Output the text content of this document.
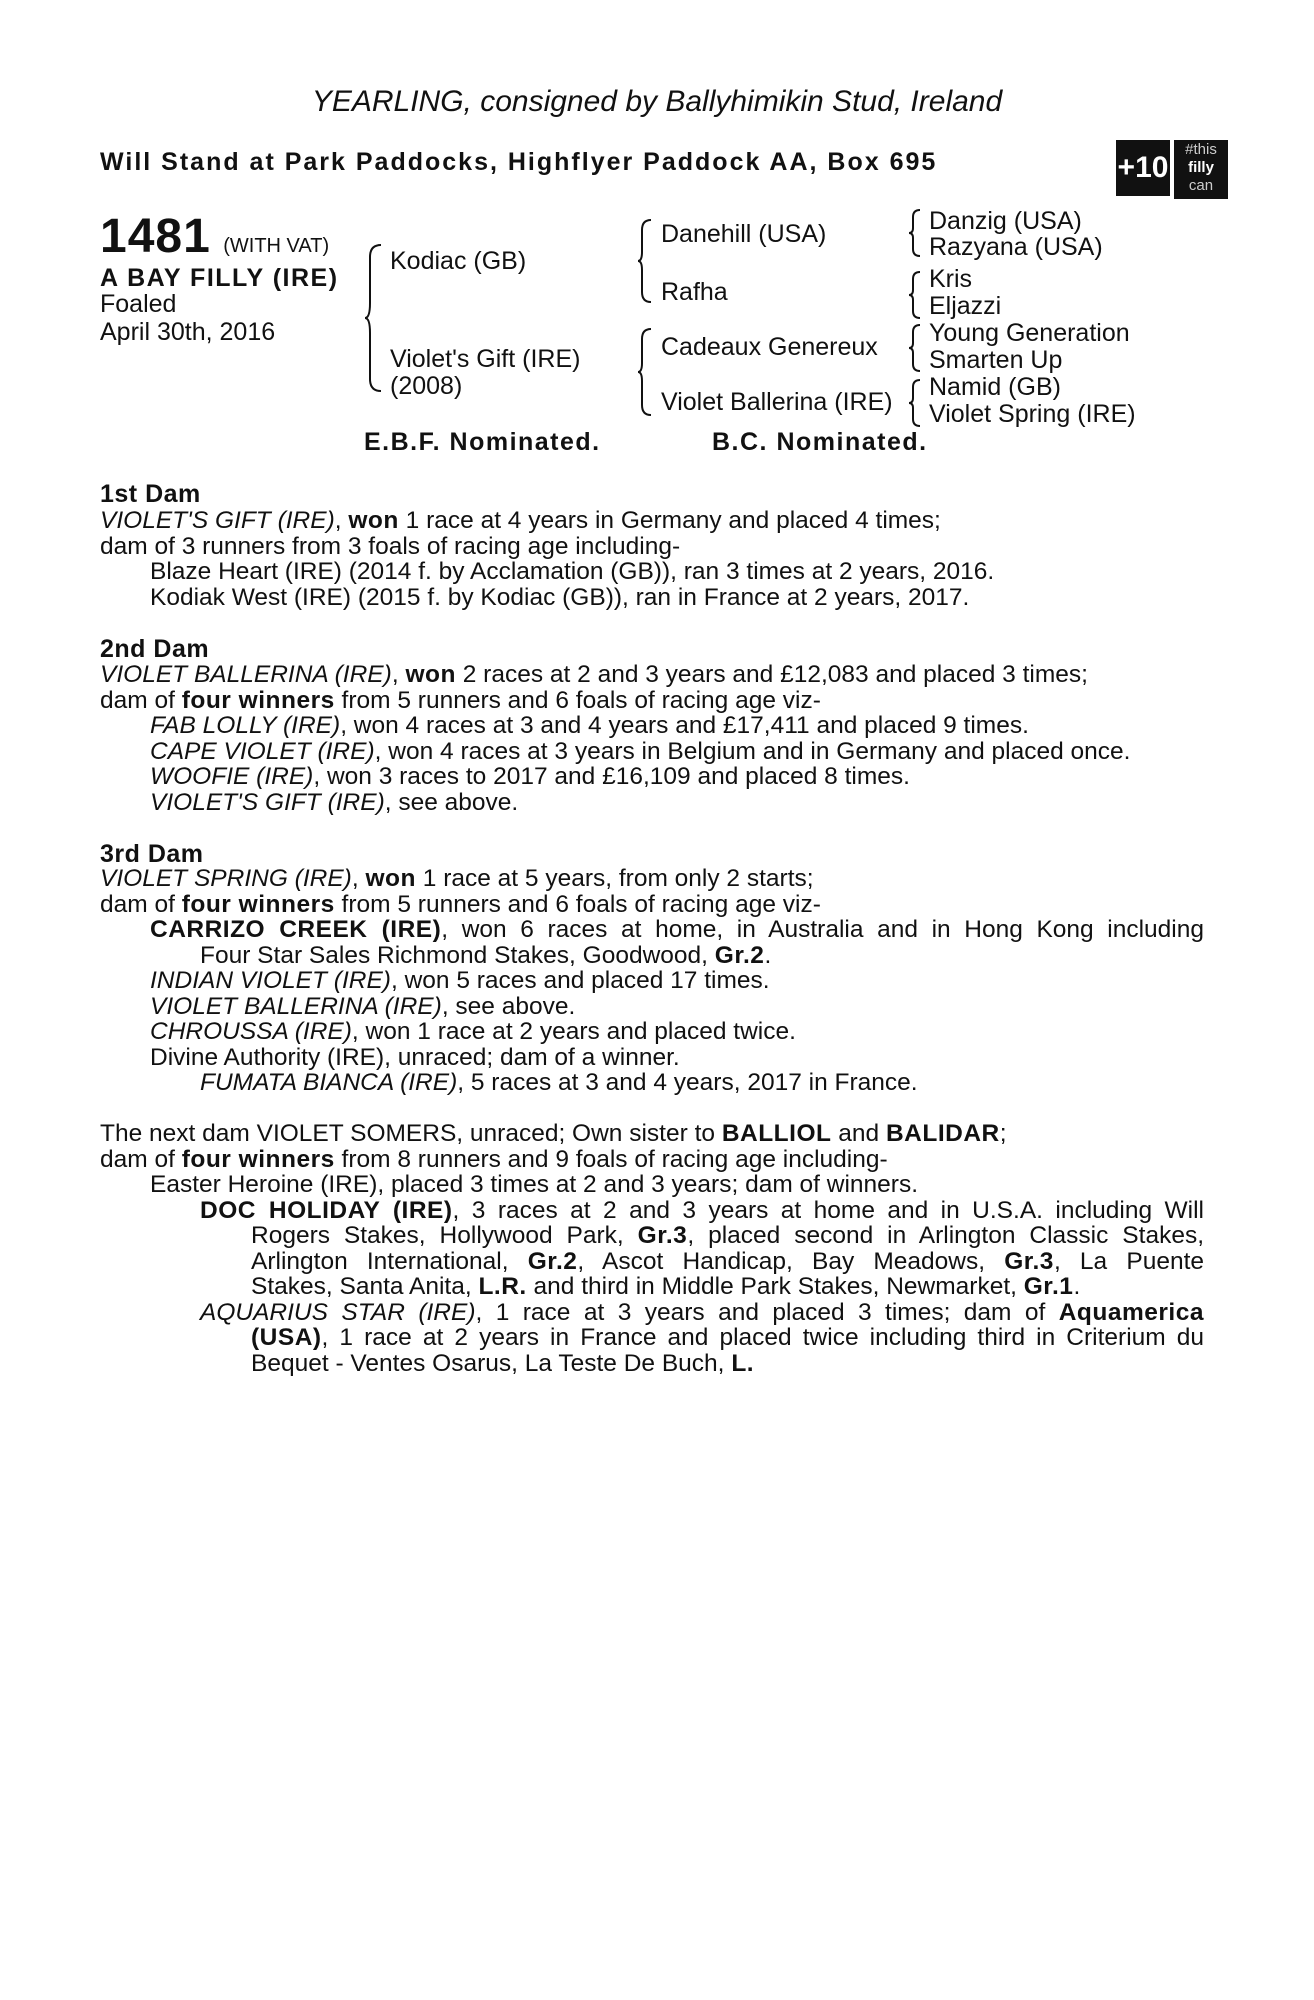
YEARLING, consigned by Ballyhimikin Stud, Ireland
Will Stand at Park Paddocks, Highflyer Paddock AA, Box 695	+10
#this
filly
can
1481 (WITH VAT)
A BAY FILLY (IRE)
Foaled
April 30th, 2016
Kodiac (GB)
Violet's Gift (IRE)
(2008)
Danehill (USA)
Rafha
Cadeaux Genereux
Violet Ballerina (IRE)
Danzig (USA)
Razyana (USA)
Kris
Eljazzi
Young Generation
Smarten Up
Namid (GB)
Violet Spring (IRE)
E.B.F. Nominated.	B.C. Nominated.
1st Dam
VIOLET'S GIFT (IRE), won 1 race at 4 years in Germany and placed 4 times;
dam of 3 runners from 3 foals of racing age including-
Blaze Heart (IRE) (2014 f. by Acclamation (GB)), ran 3 times at 2 years, 2016.
Kodiak West (IRE) (2015 f. by Kodiac (GB)), ran in France at 2 years, 2017.
2nd Dam
VIOLET BALLERINA (IRE), won 2 races at 2 and 3 years and £12,083 and placed 3 times;
dam of four winners from 5 runners and 6 foals of racing age viz-
FAB LOLLY (IRE), won 4 races at 3 and 4 years and £17,411 and placed 9 times.
CAPE VIOLET (IRE), won 4 races at 3 years in Belgium and in Germany and placed once.
WOOFIE (IRE), won 3 races to 2017 and £16,109 and placed 8 times.
VIOLET'S GIFT (IRE), see above.
3rd Dam
VIOLET SPRING (IRE), won 1 race at 5 years, from only 2 starts;
dam of four winners from 5 runners and 6 foals of racing age viz-
CARRIZO CREEK (IRE), won 6 races at home, in Australia and in Hong Kong including
Four Star Sales Richmond Stakes, Goodwood, Gr.2.
INDIAN VIOLET (IRE), won 5 races and placed 17 times.
VIOLET BALLERINA (IRE), see above.
CHROUSSA (IRE), won 1 race at 2 years and placed twice.
Divine Authority (IRE), unraced; dam of a winner.
FUMATA BIANCA (IRE), 5 races at 3 and 4 years, 2017 in France.
The next dam VIOLET SOMERS, unraced; Own sister to BALLIOL and BALIDAR;
dam of four winners from 8 runners and 9 foals of racing age including-
Easter Heroine (IRE), placed 3 times at 2 and 3 years; dam of winners.
DOC HOLIDAY (IRE), 3 races at 2 and 3 years at home and in U.S.A. including Will
Rogers Stakes, Hollywood Park, Gr.3, placed second in Arlington Classic Stakes,
Arlington International, Gr.2, Ascot Handicap, Bay Meadows, Gr.3, La Puente
Stakes, Santa Anita, L.R. and third in Middle Park Stakes, Newmarket, Gr.1.
AQUARIUS STAR (IRE), 1 race at 3 years and placed 3 times; dam of Aquamerica
(USA), 1 race at 2 years in France and placed twice including third in Criterium du
Bequet - Ventes Osarus, La Teste De Buch, L.
